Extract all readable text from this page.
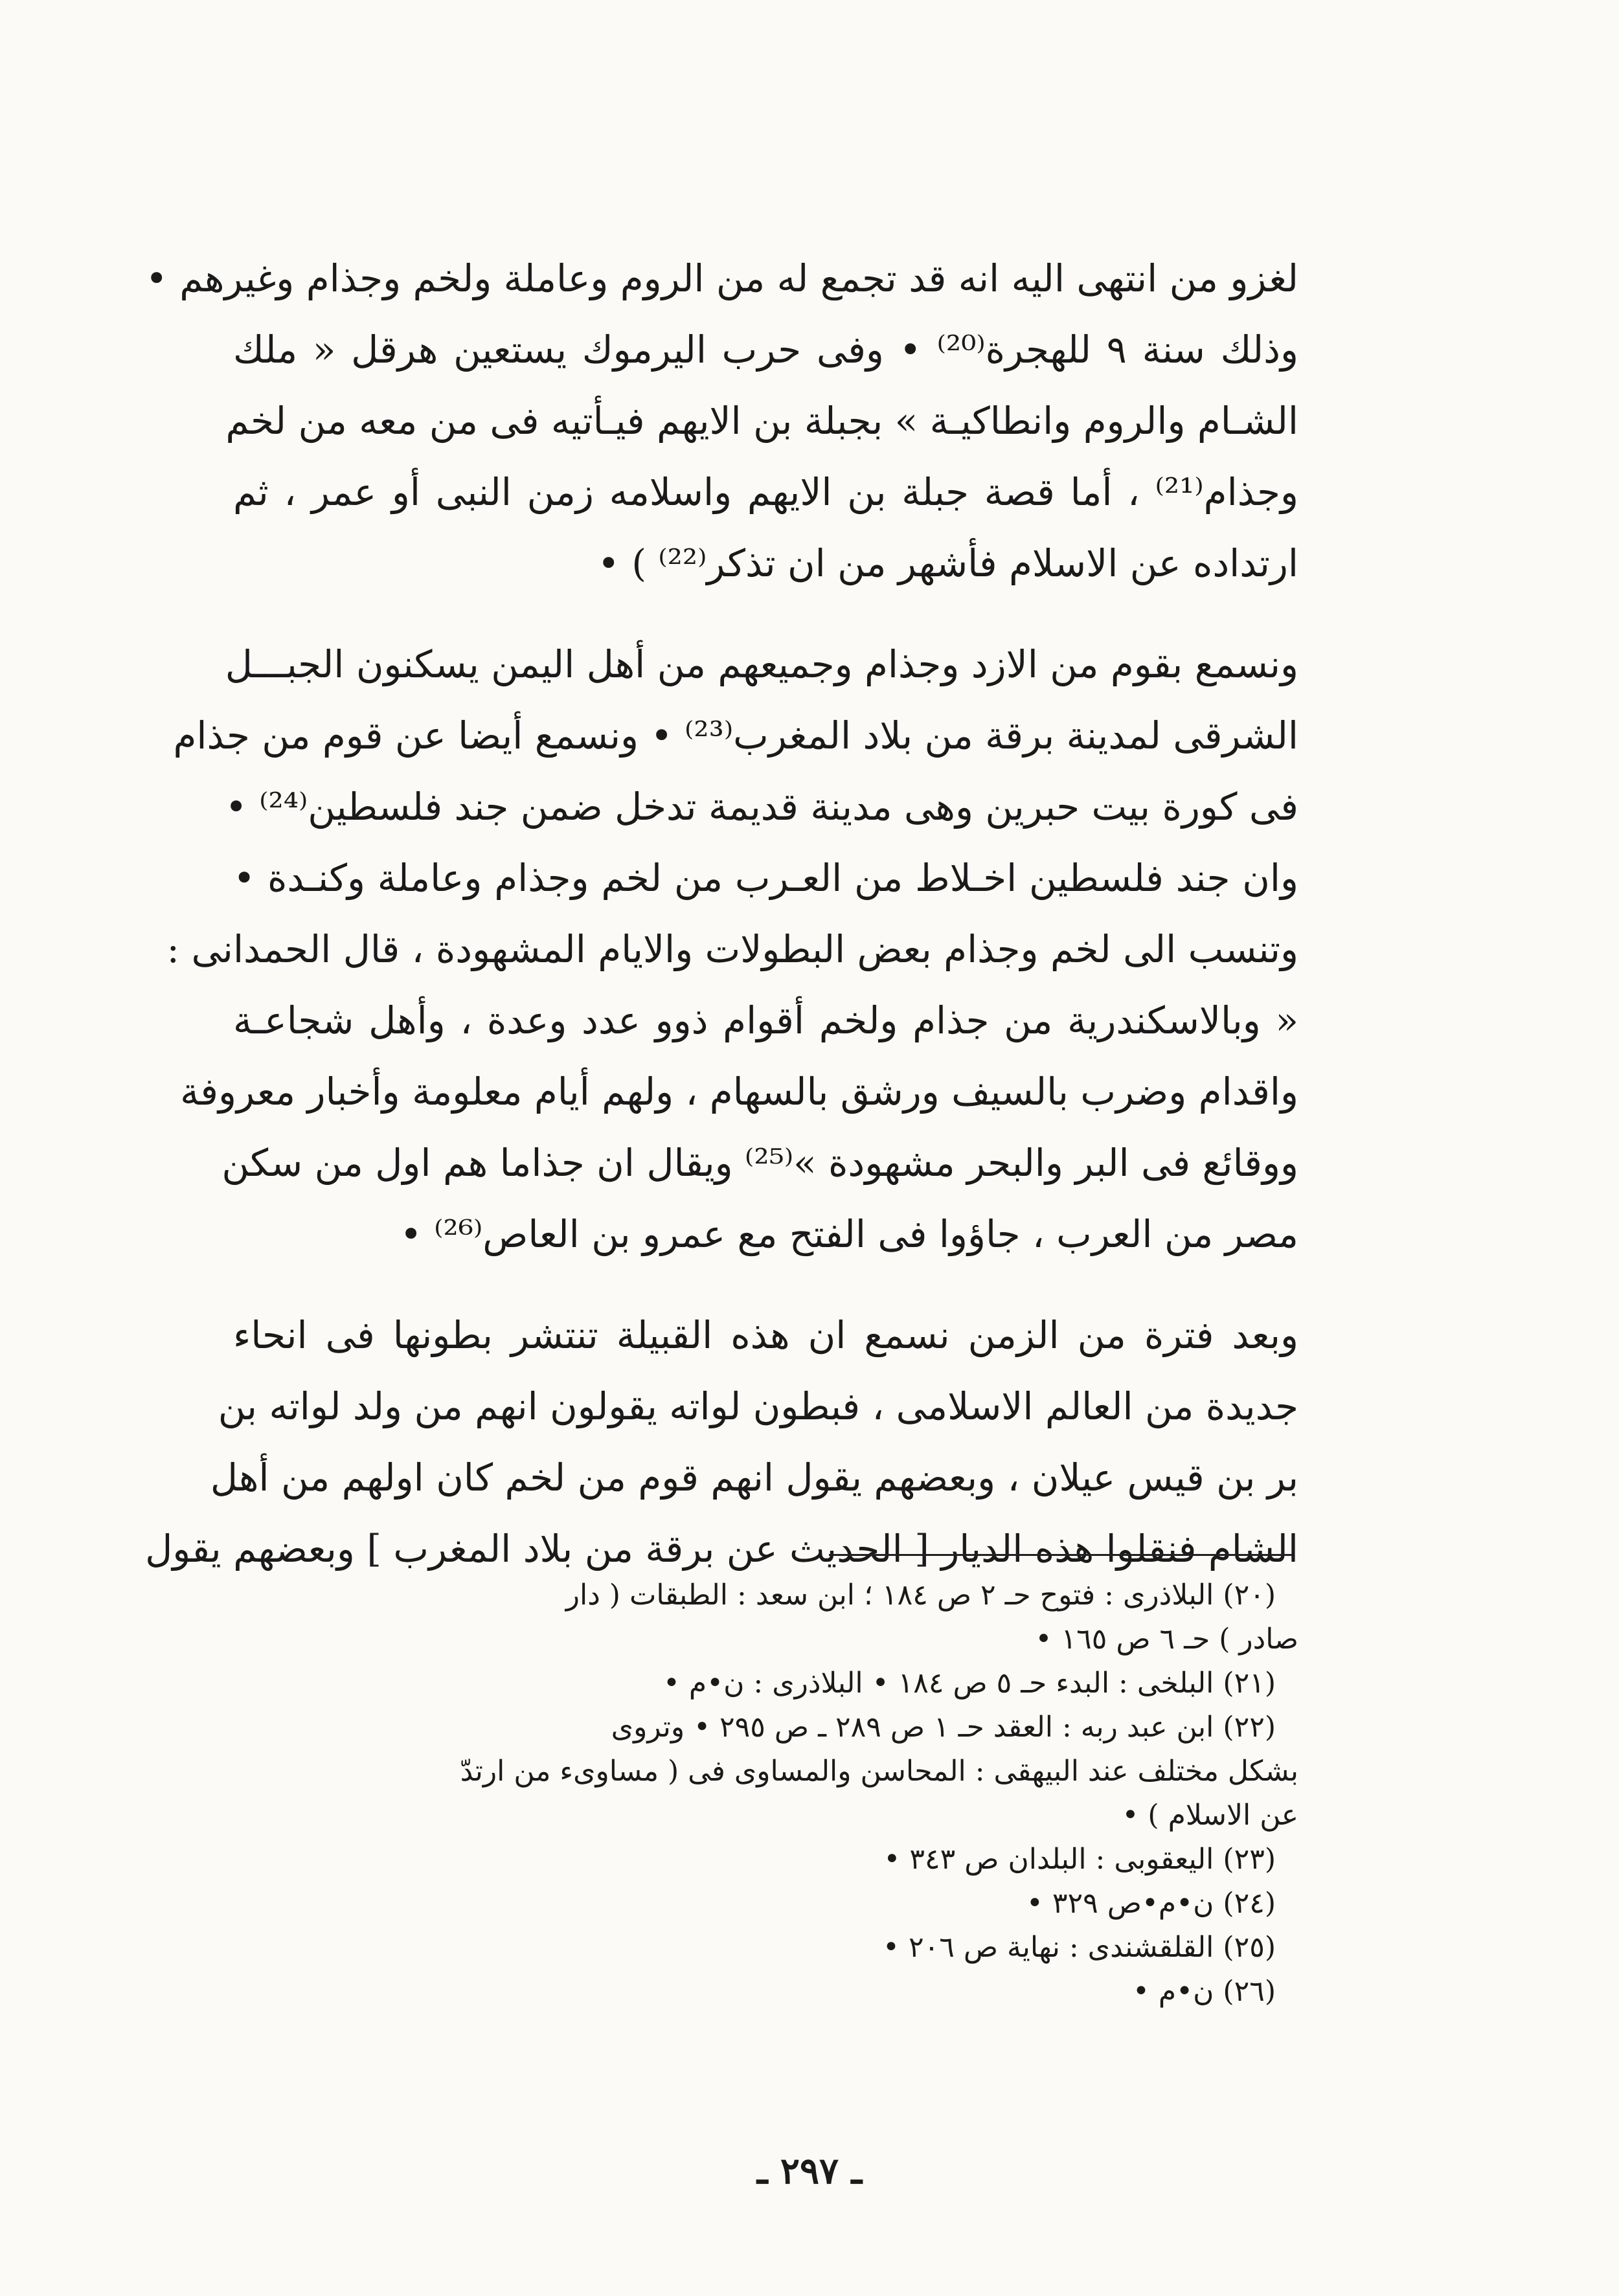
لغزو من انتهى اليه انه قد تجمع له من الروم وعاملة ولخم وجذام وغيرهم •
وذلك سنة ٩ للهجرة⁽²⁰⁾ • وفى حرب اليرموك يستعين هرقل « ملك
الشـام والروم وانطاكيـة » بجبلة بن الايهم فيـأتيه فى من معه من لخم
وجذام⁽²¹⁾ ، أما قصة جبلة بن الايهم واسلامه زمن النبى أو عمر ، ثم
ارتداده عن الاسلام فأشهر من ان تذكر⁽²²⁾ ) •
ونسمع بقوم من الازد وجذام وجميعهم من أهل اليمن يسكنون الجبـــل
الشرقى لمدينة برقة من بلاد المغرب⁽²³⁾ • ونسمع أيضا عن قوم من جذام
فى كورة بيت حبرين وهى مدينة قديمة تدخل ضمن جند فلسطين⁽²⁴⁾ •
وان جند فلسطين اخـلاط من العـرب من لخم وجذام وعاملة وكنـدة •
وتنسب الى لخم وجذام بعض البطولات والايام المشهودة ، قال الحمدانى :
« وبالاسكندرية من جذام ولخم أقوام ذوو عدد وعدة ، وأهل شجاعـة
واقدام وضرب بالسيف ورشق بالسهام ، ولهم أيام معلومة وأخبار معروفة
ووقائع فى البر والبحر مشهودة »⁽²⁵⁾ ويقال ان جذاما هم اول من سكن
مصر من العرب ، جاؤوا فى الفتح مع عمرو بن العاص⁽²⁶⁾ •
وبعد فترة من الزمن نسمع ان هذه القبيلة تنتشر بطونها فى انحاء
جديدة من العالم الاسلامى ، فبطون لواته يقولون انهم من ولد لواته بن
بر بن قيس عيلان ، وبعضهم يقول انهم قوم من لخم كان اولهم من أهل
الشام فنقلوا هذه الديار [ الحديث عن برقة من بلاد المغرب ] وبعضهم يقول
(٢٠) البلاذرى : فتوح حـ ٢ ص ١٨٤ ؛ ابن سعد : الطبقات ( دار
صادر ) حـ ٦ ص ١٦٥ •
(٢١) البلخى : البدء حـ ٥ ص ١٨٤ • البلاذرى : ن•م •
(٢٢) ابن عبد ربه : العقد حـ ١ ص ٢٨٩ ـ ص ٢٩٥ • وتروى
بشكل مختلف عند البيهقى : المحاسن والمساوى فى ( مساوىء من ارتدّ
عن الاسلام ) •
(٢٣) اليعقوبى : البلدان ص ٣٤٣ •
(٢٤) ن•م•ص ٣٢٩ •
(٢٥) القلقشندى : نهاية ص ٢٠٦ •
(٢٦) ن•م •
ـ ٢٩٧ ـ
